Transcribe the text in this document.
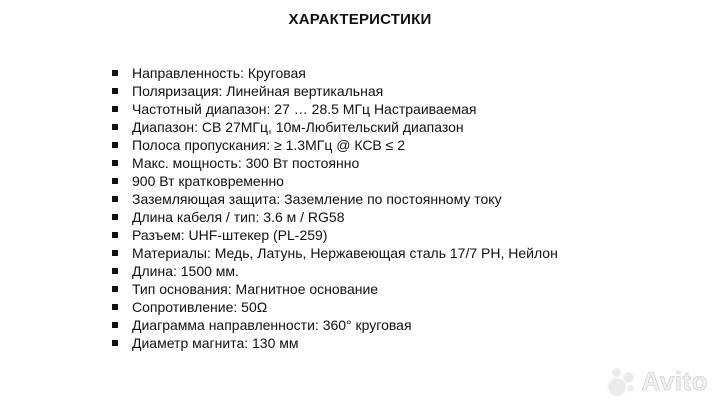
ХАРАКТЕРИСТИКИ
Направленность: Круговая
Поляризация: Линейная вертикальная
Частотный диапазон: 27 … 28.5 МГц Настраиваемая
Диапазон: СВ 27МГц, 10м-Любительский диапазон
Полоса пропускания: ≥ 1.3МГц @ КСВ ≤ 2
Макс. мощность: 300 Вт постоянно
900 Вт кратковременно
Заземляющая защита: Заземление по постоянному току
Длина кабеля / тип: 3.6 м / RG58
Разъем: UHF-штекер (PL-259)
Материалы: Медь, Латунь, Нержавеющая сталь 17/7 PH, Нейлон
Длина: 1500 мм.
Тип основания: Магнитное основание
Сопротивление: 50Ω
Диаграмма направленности: 360° круговая
Диаметр магнита: 130 мм
Avito
